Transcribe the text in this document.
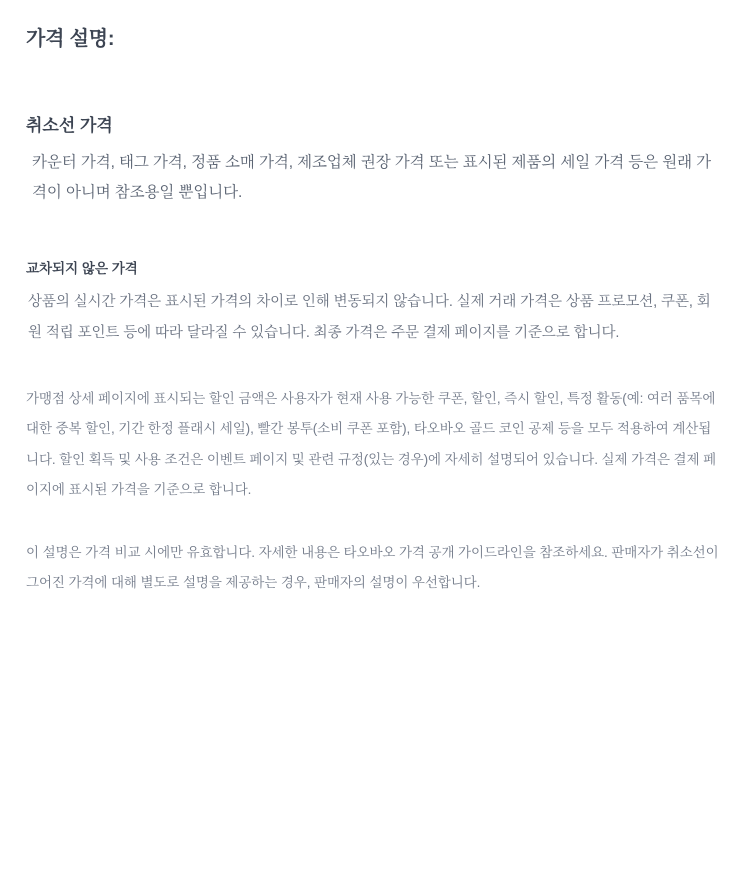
가격 설명:
취소선 가격

카운터 가격, 태그 가격, 정품 소매 가격, 제조업체 권장 가격 또는 표시된 제품의 세일 가격 등은 원래 가격이 아니며 참조용일 뿐입니다.

교차되지 않은 가격

상품의 실시간 가격은 표시된 가격의 차이로 인해 변동되지 않습니다. 실제 거래 가격은 상품 프로모션, 쿠폰, 회원 적립 포인트 등에 따라 달라질 수 있습니다. 최종 가격은 주문 결제 페이지를 기준으로 합니다.

가맹점 상세 페이지에 표시되는 할인 금액은 사용자가 현재 사용 가능한 쿠폰, 할인, 즉시 할인, 특정 활동(예: 여러 품목에 대한 중복 할인, 기간 한정 플래시 세일), 빨간 봉투(소비 쿠폰 포함), 타오바오 골드 코인 공제 등을 모두 적용하여 계산됩니다. 할인 획득 및 사용 조건은 이벤트 페이지 및 관련 규정(있는 경우)에 자세히 설명되어 있습니다. 실제 가격은 결제 페이지에 표시된 가격을 기준으로 합니다.

이 설명은 가격 비교 시에만 유효합니다. 자세한 내용은 타오바오 가격 공개 가이드라인을 참조하세요. 판매자가 취소선이 그어진 가격에 대해 별도로 설명을 제공하는 경우, 판매자의 설명이 우선합니다.
